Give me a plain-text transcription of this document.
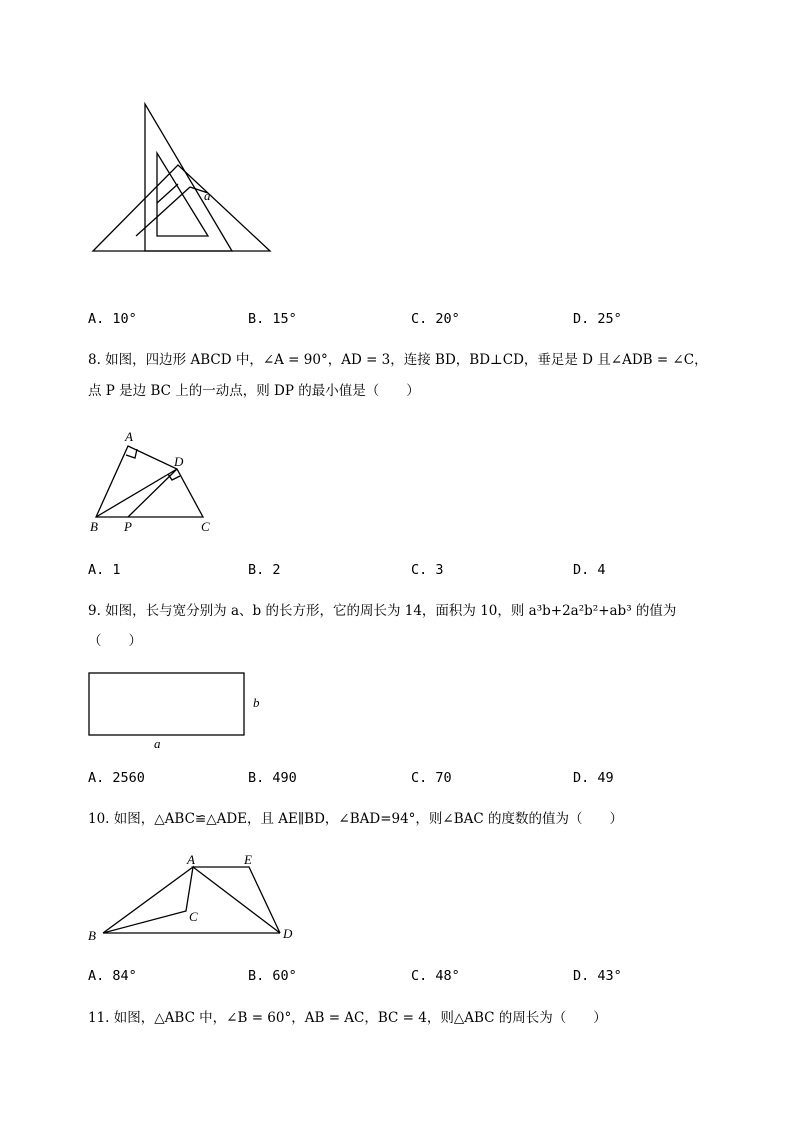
a
A. 10°	B. 15°	C. 20°	D. 25°
8. 如图，四边形 ABCD 中，∠A = 90°，AD = 3，连接 BD，BD⊥CD，垂足是 D 且∠ADB = ∠C，
点 P 是边 BC 上的一动点，则 DP 的最小值是（　　）
A
D
B P	C
A. 1	B. 2	C. 3	D. 4
9. 如图，长与宽分别为 a、b 的长方形，它的周长为 14，面积为 10，则 a³b+2a²b²+ab³ 的值为
（　　）
b
a
A. 2560	B. 490	C. 70	D. 49
10. 如图，△ABC≌△ADE，且 AE∥BD，∠BAD=94°，则∠BAC 的度数的值为（　　）
A	E
C
B	D
A. 84°	B. 60°	C. 48°	D. 43°
11. 如图，△ABC 中，∠B = 60°，AB = AC，BC = 4，则△ABC 的周长为（　　）
